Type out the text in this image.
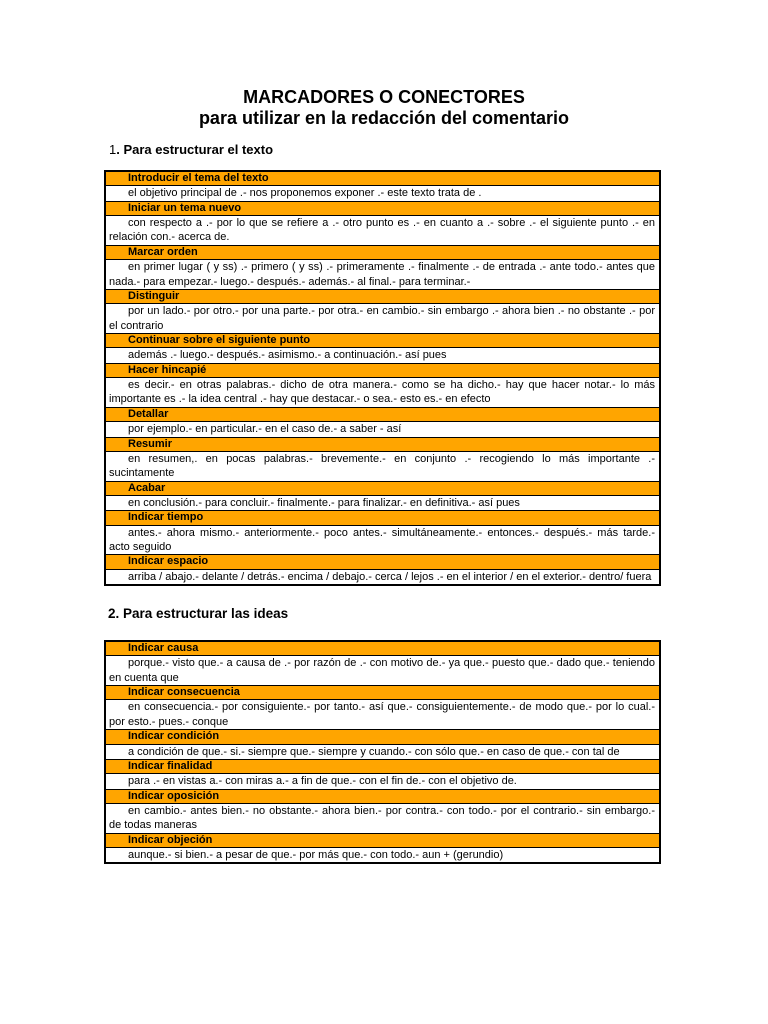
MARCADORES O CONECTORES
para utilizar en la redacción del comentario
1. Para estructurar el texto
Introducir el tema del texto
el objetivo principal de .- nos proponemos exponer .- este texto trata de .
Iniciar un tema nuevo
con respecto a .- por lo que se refiere a .- otro punto es .- en cuanto a .- sobre .- el siguiente punto .- en relación con.- acerca de.
Marcar orden
en primer lugar ( y ss) .- primero ( y ss) .- primeramente .- finalmente .- de entrada .- ante todo.- antes que nada.- para empezar.- luego.- después.- además.- al final.- para terminar.-
Distinguir
por un lado.- por otro.- por una parte.- por otra.- en cambio.- sin embargo .- ahora bien .- no obstante .- por el contrario
Continuar sobre el siguiente punto
además .- luego.- después.- asimismo.- a continuación.- así pues
Hacer hincapié
es decir.- en otras palabras.- dicho de otra manera.- como se ha dicho.- hay que hacer notar.- lo más importante es .- la idea central .- hay que destacar.- o sea.- esto es.- en efecto
Detallar
por ejemplo.- en particular.- en el caso de.- a saber - así
Resumir
en resumen,. en pocas palabras.- brevemente.- en conjunto .- recogiendo lo más importante .- sucintamente
Acabar
en conclusión.- para concluir.- finalmente.- para finalizar.- en definitiva.- así pues
Indicar tiempo
antes.- ahora mismo.- anteriormente.- poco antes.- simultáneamente.- entonces.- después.- más tarde.- acto seguido
Indicar espacio
arriba / abajo.- delante / detrás.- encima / debajo.- cerca / lejos .- en el interior / en el exterior.- dentro/ fuera
2. Para estructurar las ideas
Indicar causa
porque.- visto que.- a causa de .- por razón de .- con motivo de.- ya que.- puesto que.- dado que.- teniendo en cuenta que
Indicar consecuencia
en consecuencia.- por consiguiente.- por tanto.- así que.- consiguientemente.- de modo que.- por lo cual.- por esto.- pues.- conque
Indicar condición
a condición de que.- si.- siempre que.- siempre y cuando.- con sólo que.- en caso de que.- con tal de
Indicar finalidad
para .- en vistas a.- con miras a.- a fin de que.- con el fin de.- con el objetivo de.
Indicar oposición
en cambio.- antes bien.- no obstante.- ahora bien.- por contra.- con todo.- por el contrario.- sin embargo.- de todas maneras
Indicar objeción
aunque.- si bien.- a pesar de que.- por más que.- con todo.- aun + (gerundio)
